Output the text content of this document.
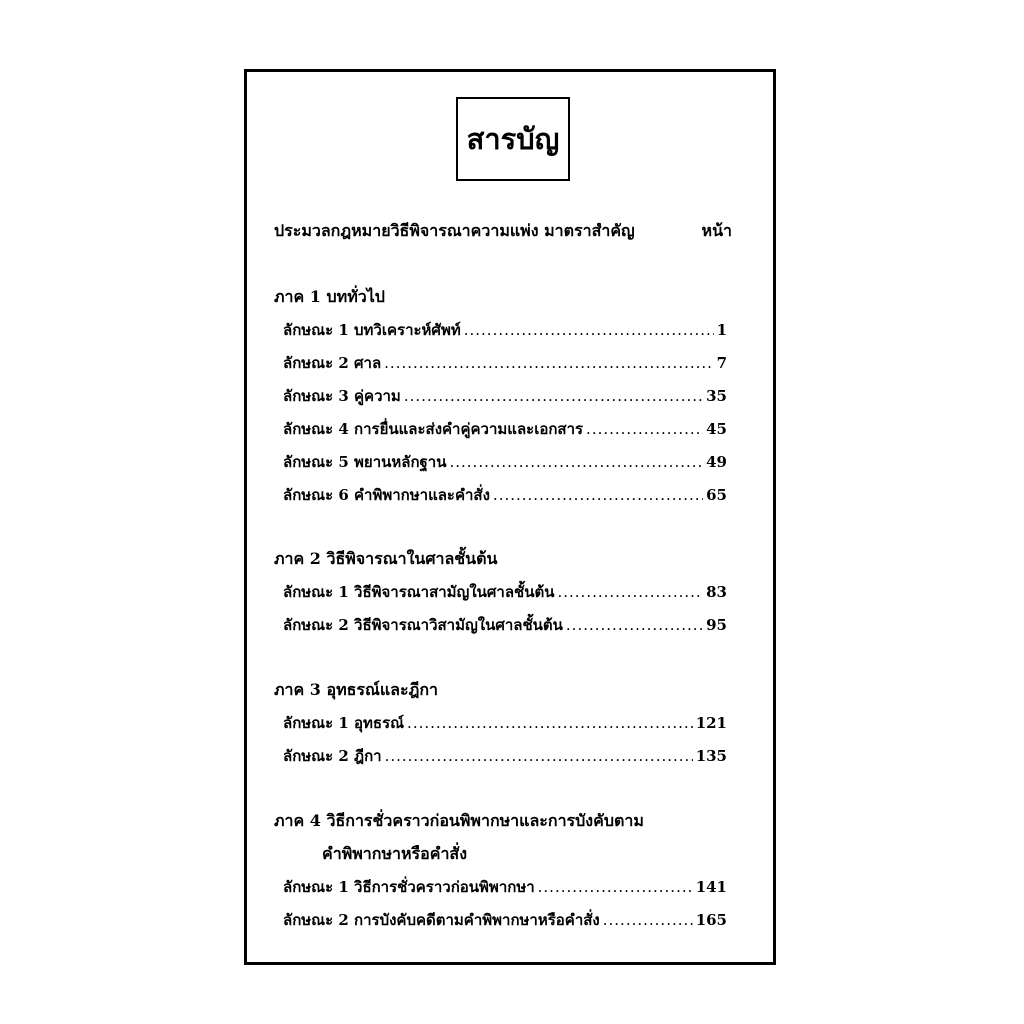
สารบัญ
ประมวลกฎหมายวิธีพิจารณาความแพ่ง มาตราสำคัญ	หน้า
ภาค 1 บททั่วไป
ลักษณะ 1 บทวิเคราะห์ศัพท์ .....	1
ลักษณะ 2 ศาล .....	7
ลักษณะ 3 คู่ความ .....	35
ลักษณะ 4 การยื่นและส่งคำคู่ความและเอกสาร .....	45
ลักษณะ 5 พยานหลักฐาน .....	49
ลักษณะ 6 คำพิพากษาและคำสั่ง .....	65
ภาค 2 วิธีพิจารณาในศาลชั้นต้น
ลักษณะ 1 วิธีพิจารณาสามัญในศาลชั้นต้น .....	83
ลักษณะ 2 วิธีพิจารณาวิสามัญในศาลชั้นต้น .....	95
ภาค 3 อุทธรณ์และฎีกา
ลักษณะ 1 อุทธรณ์ .....	121
ลักษณะ 2 ฎีกา .....	135
ภาค 4 วิธีการชั่วคราวก่อนพิพากษาและการบังคับตาม
คำพิพากษาหรือคำสั่ง
ลักษณะ 1 วิธีการชั่วคราวก่อนพิพากษา .....	141
ลักษณะ 2 การบังคับคดีตามคำพิพากษาหรือคำสั่ง .....	165
